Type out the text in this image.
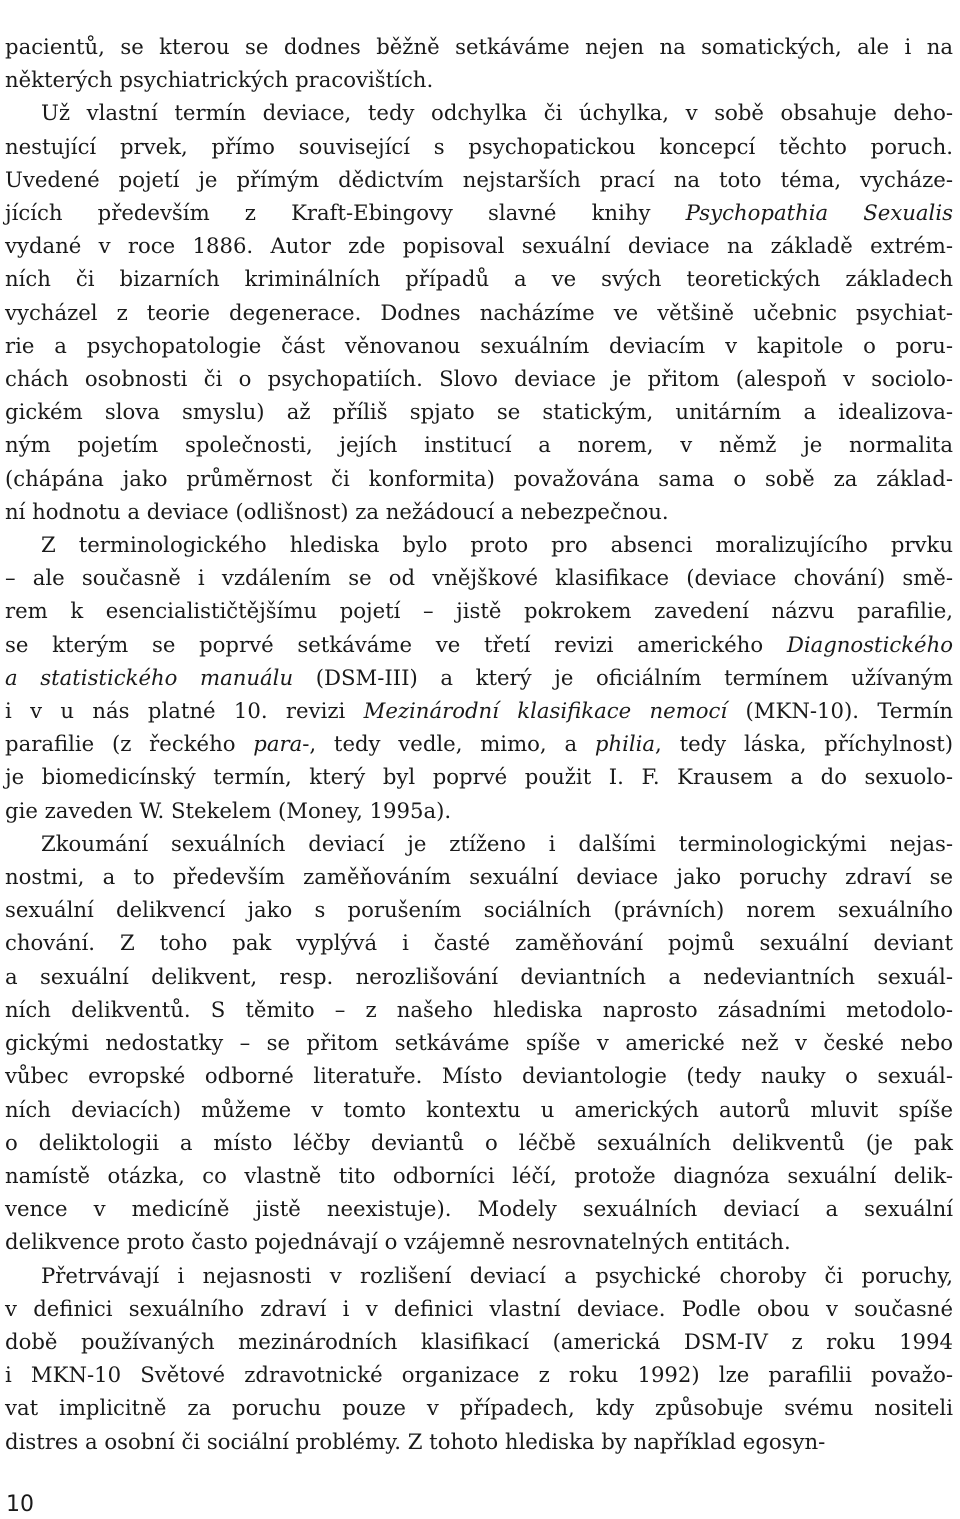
pacientů, se kterou se dodnes běžně setkáváme nejen na somatických, ale i na
některých psychiatrických pracovištích.
Už vlastní termín deviace, tedy odchylka či úchylka, v sobě obsahuje deho-
nestující prvek, přímo související s psychopatickou koncepcí těchto poruch.
Uvedené pojetí je přímým dědictvím nejstarších prací na toto téma, vycháze-
jících především z Kraft-Ebingovy slavné knihy Psychopathia Sexualis
vydané v roce 1886. Autor zde popisoval sexuální deviace na základě extrém-
ních či bizarních kriminálních případů a ve svých teoretických základech
vycházel z teorie degenerace. Dodnes nacházíme ve většině učebnic psychiat-
rie a psychopatologie část věnovanou sexuálním deviacím v kapitole o poru-
chách osobnosti či o psychopatiích. Slovo deviace je přitom (alespoň v sociolo-
gickém slova smyslu) až příliš spjato se statickým, unitárním a idealizova-
ným pojetím společnosti, jejích institucí a norem, v němž je normalita
(chápána jako průměrnost či konformita) považována sama o sobě za základ-
ní hodnotu a deviace (odlišnost) za nežádoucí a nebezpečnou.
Z terminologického hlediska bylo proto pro absenci moralizujícího prvku
– ale současně i vzdálením se od vnějškové klasifikace (deviace chování) smě-
rem k esencialističtějšímu pojetí – jistě pokrokem zavedení názvu parafilie,
se kterým se poprvé setkáváme ve třetí revizi amerického Diagnostického
a statistického manuálu (DSM-III) a který je oficiálním termínem užívaným
i v u nás platné 10. revizi Mezinárodní klasifikace nemocí (MKN-10). Termín
parafilie (z řeckého para-, tedy vedle, mimo, a philia, tedy láska, příchylnost)
je biomedicínský termín, který byl poprvé použit I. F. Krausem a do sexuolo-
gie zaveden W. Stekelem (Money, 1995a).
Zkoumání sexuálních deviací je ztíženo i dalšími terminologickými nejas-
nostmi, a to především zaměňováním sexuální deviace jako poruchy zdraví se
sexuální delikvencí jako s porušením sociálních (právních) norem sexuálního
chování. Z toho pak vyplývá i časté zaměňování pojmů sexuální deviant
a sexuální delikvent, resp. nerozlišování deviantních a nedeviantních sexuál-
ních delikventů. S těmito – z našeho hlediska naprosto zásadními metodolo-
gickými nedostatky – se přitom setkáváme spíše v americké než v české nebo
vůbec evropské odborné literatuře. Místo deviantologie (tedy nauky o sexuál-
ních deviacích) můžeme v tomto kontextu u amerických autorů mluvit spíše
o deliktologii a místo léčby deviantů o léčbě sexuálních delikventů (je pak
namístě otázka, co vlastně tito odborníci léčí, protože diagnóza sexuální delik-
vence v medicíně jistě neexistuje). Modely sexuálních deviací a sexuální
delikvence proto často pojednávají o vzájemně nesrovnatelných entitách.
Přetrvávají i nejasnosti v rozlišení deviací a psychické choroby či poruchy,
v definici sexuálního zdraví i v definici vlastní deviace. Podle obou v současné
době používaných mezinárodních klasifikací (americká DSM-IV z roku 1994
i MKN-10 Světové zdravotnické organizace z roku 1992) lze parafilii považo-
vat implicitně za poruchu pouze v případech, kdy způsobuje svému nositeli
distres a osobní či sociální problémy. Z tohoto hlediska by například egosyn-
10
